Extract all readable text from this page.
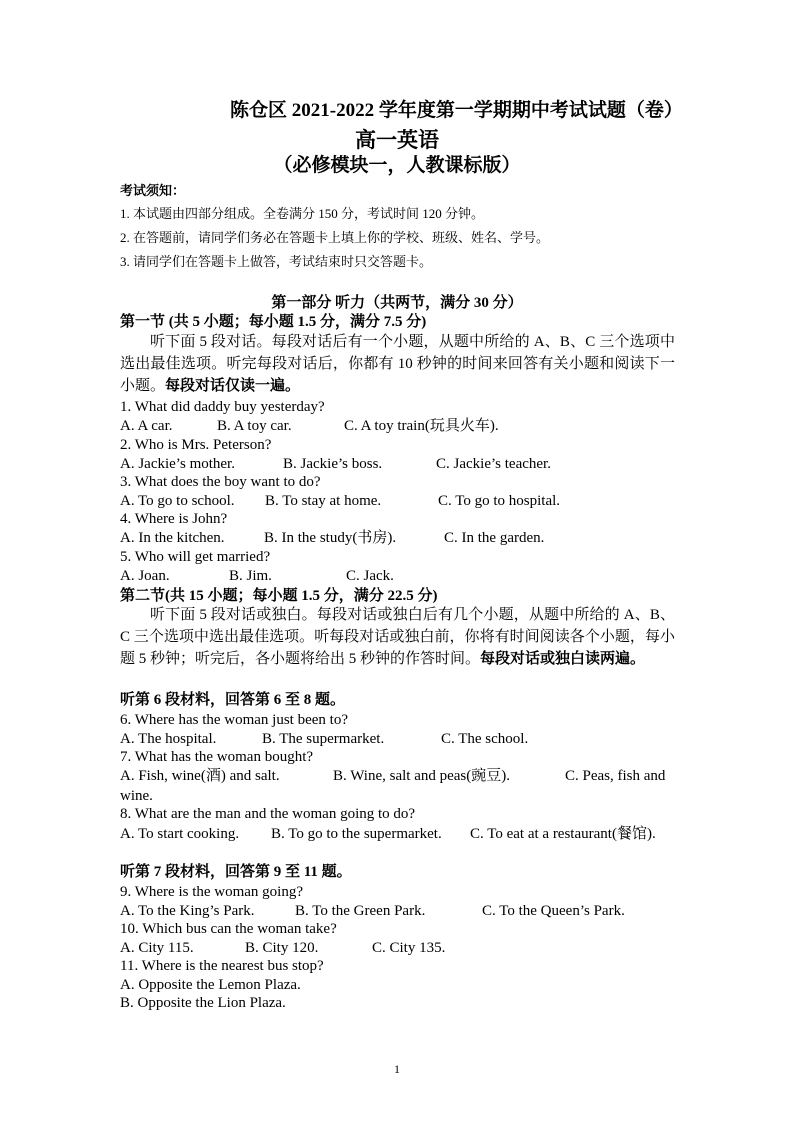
陈仓区 2021-2022 学年度第一学期期中考试试题（卷）
高一英语
（必修模块一，人教课标版）
考试须知：
1. 本试题由四部分组成。全卷满分 150 分，考试时间 120 分钟。
2. 在答题前，请同学们务必在答题卡上填上你的学校、班级、姓名、学号。
3. 请同学们在答题卡上做答，考试结束时只交答题卡。
第一部分 听力（共两节，满分 30 分）
第一节 (共 5 小题；每小题 1.5 分，满分 7.5 分)
听下面 5 段对话。每段对话后有一个小题，从题中所给的 A、B、C 三个选项中选出最佳选项。听完每段对话后，你都有 10 秒钟的时间来回答有关小题和阅读下一小题。每段对话仅读一遍。
1. What did daddy buy yesterday?
A. A car.	B. A toy car.	C. A toy train(玩具火车).
2. Who is Mrs. Peterson?
A. Jackie’s mother.	B. Jackie’s boss.	C. Jackie’s teacher.
3. What does the boy want to do?
A. To go to school. B. To stay at home.	C. To go to hospital.
4. Where is John?
A. In the kitchen.	B. In the study(书房).	C. In the garden.
5. Who will get married?
A. Joan.	B. Jim.	C. Jack.
第二节(共 15 小题；每小题 1.5 分，满分 22.5 分)
听下面 5 段对话或独白。每段对话或独白后有几个小题，从题中所给的 A、B、C 三个选项中选出最佳选项。听每段对话或独白前，你将有时间阅读各个小题，每小题 5 秒钟；听完后，各小题将给出 5 秒钟的作答时间。每段对话或独白读两遍。
听第 6 段材料，回答第 6 至 8 题。
6. Where has the woman just been to?
A. The hospital.	B. The supermarket.	C. The school.
7. What has the woman bought?
A. Fish, wine(酒) and salt.	B. Wine, salt and peas(豌豆).	C. Peas, fish and
wine.
8. What are the man and the woman going to do?
A. To start cooking. B. To go to the supermarket. C. To eat at a restaurant(餐馆).
听第 7 段材料，回答第 9 至 11 题。
9. Where is the woman going?
A. To the King’s Park.	B. To the Green Park.	C. To the Queen’s Park.
10. Which bus can the woman take?
A. City 115.	B. City 120.	C. City 135.
11. Where is the nearest bus stop?
A. Opposite the Lemon Plaza.
B. Opposite the Lion Plaza.
1
